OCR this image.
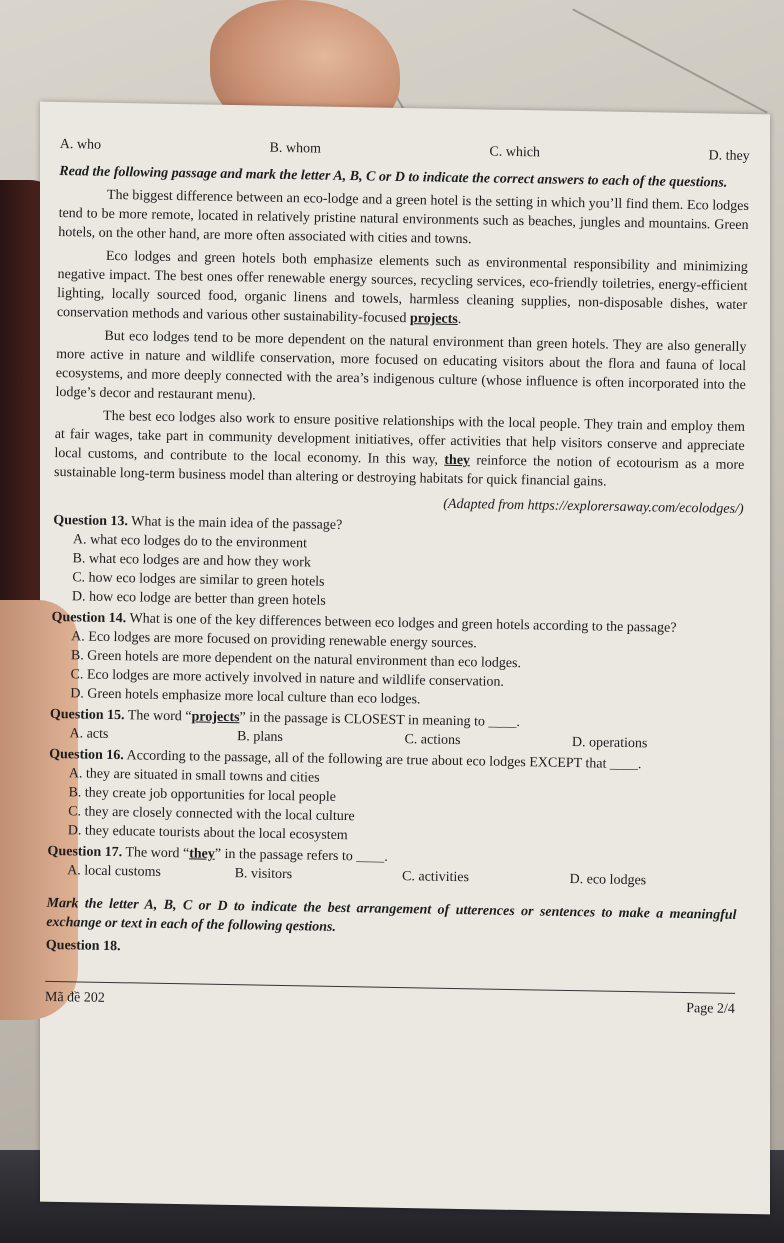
A. who	B. whom	C. which	D. they

Read the following passage and mark the letter A, B, C or D to indicate the correct answers to each of the questions.

The biggest difference between an eco-lodge and a green hotel is the setting in which you’ll find them. Eco lodges tend to be more remote, located in relatively pristine natural environments such as beaches, jungles and mountains. Green hotels, on the other hand, are more often associated with cities and towns.

Eco lodges and green hotels both emphasize elements such as environmental responsibility and minimizing negative impact. The best ones offer renewable energy sources, recycling services, eco-friendly toiletries, energy-efficient lighting, locally sourced food, organic linens and towels, harmless cleaning supplies, non-disposable dishes, water conservation methods and various other sustainability-focused projects.

But eco lodges tend to be more dependent on the natural environment than green hotels. They are also generally more active in nature and wildlife conservation, more focused on educating visitors about the flora and fauna of local ecosystems, and more deeply connected with the area’s indigenous culture (whose influence is often incorporated into the lodge’s decor and restaurant menu).

The best eco lodges also work to ensure positive relationships with the local people. They train and employ them at fair wages, take part in community development initiatives, offer activities that help visitors conserve and appreciate local customs, and contribute to the local economy. In this way, they reinforce the notion of ecotourism as a more sustainable long-term business model than altering or destroying habitats for quick financial gains.

(Adapted from https://explorersaway.com/ecolodges/)
Question 13. What is the main idea of the passage?
A. what eco lodges do to the environment
B. what eco lodges are and how they work
C. how eco lodges are similar to green hotels
D. how eco lodge are better than green hotels
Question 14. What is one of the key differences between eco lodges and green hotels according to the passage?
A. Eco lodges are more focused on providing renewable energy sources.
B. Green hotels are more dependent on the natural environment than eco lodges.
C. Eco lodges are more actively involved in nature and wildlife conservation.
D. Green hotels emphasize more local culture than eco lodges.
Question 15. The word “projects” in the passage is CLOSEST in meaning to ____.
A. acts	B. plans	C. actions	D. operations
Question 16. According to the passage, all of the following are true about eco lodges EXCEPT that ____.
A. they are situated in small towns and cities
B. they create job opportunities for local people
C. they are closely connected with the local culture
D. they educate tourists about the local ecosystem
Question 17. The word “they” in the passage refers to ____.
A. local customs	B. visitors	C. activities	D. eco lodges

Mark the letter A, B, C or D to indicate the best arrangement of utterences or sentences to make a meaningful exchange or text in each of the following qestions.

Question 18.
Mã đề 202
Page 2/4
